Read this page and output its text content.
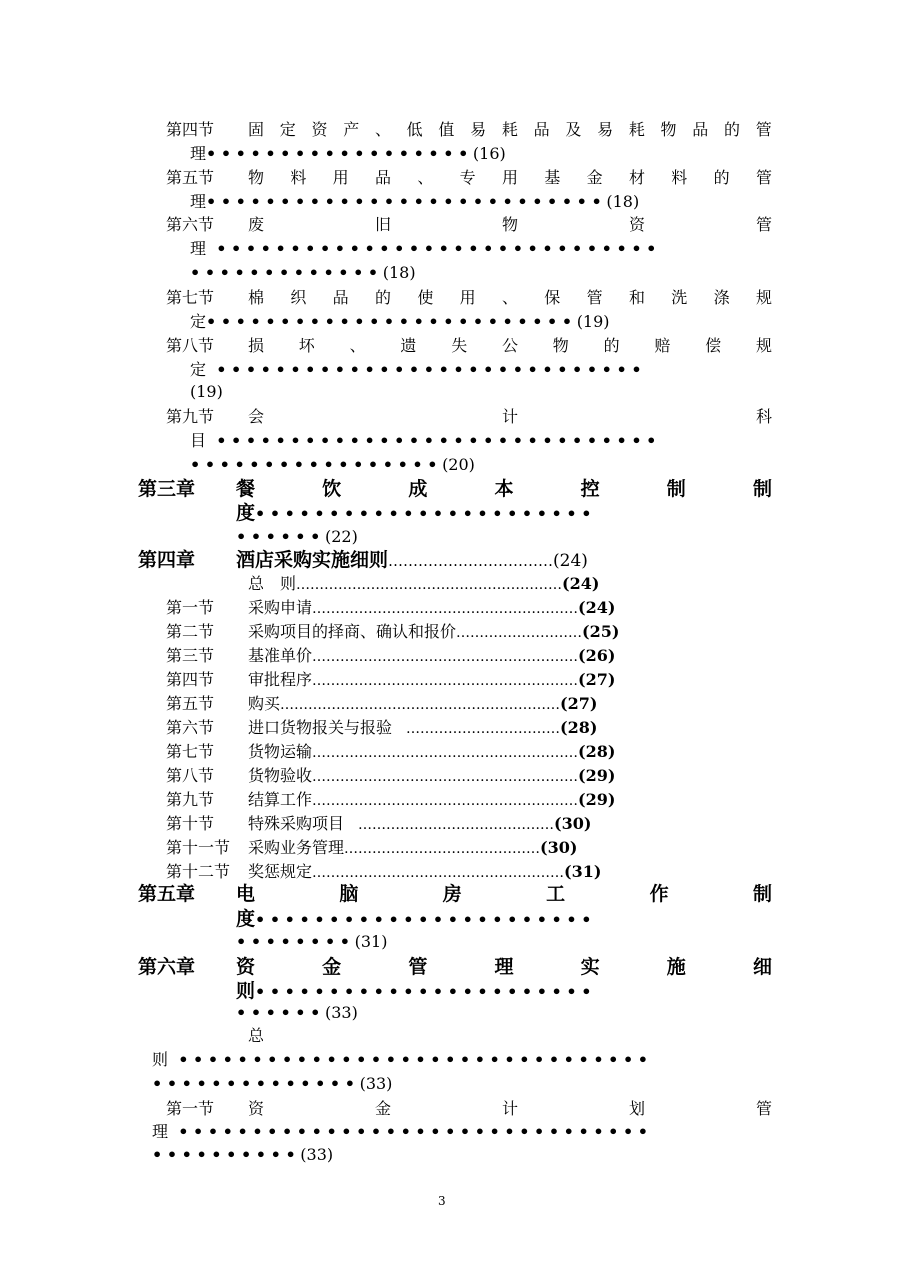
第四节 固 定 资 产 、 低 值 易 耗 品 及 易 耗 物 品 的 管
理••••••••••••••••••(16)
第五节 物 料 用 品 、 专 用 基 金 材 料 的 管
理•••••••••••••••••••••••••••(18)
第六节 废	旧	物	资	管
理 ••••••••••••••••••••••••••••••
•••••••••••••(18)
第七节 棉 织 品 的 使 用 、 保 管 和 洗 涤 规
定•••••••••••••••••••••••••(19)
第八节 损 坏 、 遗 失 公 物 的 赔 偿 规
定 •••••••••••••••••••••••••••••
(19)
第九节 会	计	科
目 ••••••••••••••••••••••••••••••
•••••••••••••••••(20)
第三章 餐	饮	成	本	控	制	制
度•••••••••••••••••••••••
••••••(22)
第四章 酒店采购实施细则……………………………(24)
总　则…………………………………………………(24)
第一节 采购申请…………………………………………………(24)
第二节 采购项目的择商、确认和报价………………………(25)
第三节 基准单价…………………………………………………(26)
第四节 审批程序…………………………………………………(27)
第五节 购买……………………………………………………(27)
第六节 进口货物报关与报验　……………………………(28)
第七节 货物运输…………………………………………………(28)
第八节 货物验收…………………………………………………(29)
第九节 结算工作…………………………………………………(29)
第十节 特殊采购项目　……………………………………(30)
第十一节 采购业务管理……………………………………(30)
第十二节 奖惩规定………………………………………………(31)
第五章 电	脑	房	工	作	制
度•••••••••••••••••••••••
••••••••(31)
第六章 资	金	管	理	实	施	细
则•••••••••••••••••••••••
••••••(33)
总
则 ••••••••••••••••••••••••••••••••
••••••••••••••(33)
第一节 资	金	计	划	管
理 ••••••••••••••••••••••••••••••••
••••••••••(33)
3
